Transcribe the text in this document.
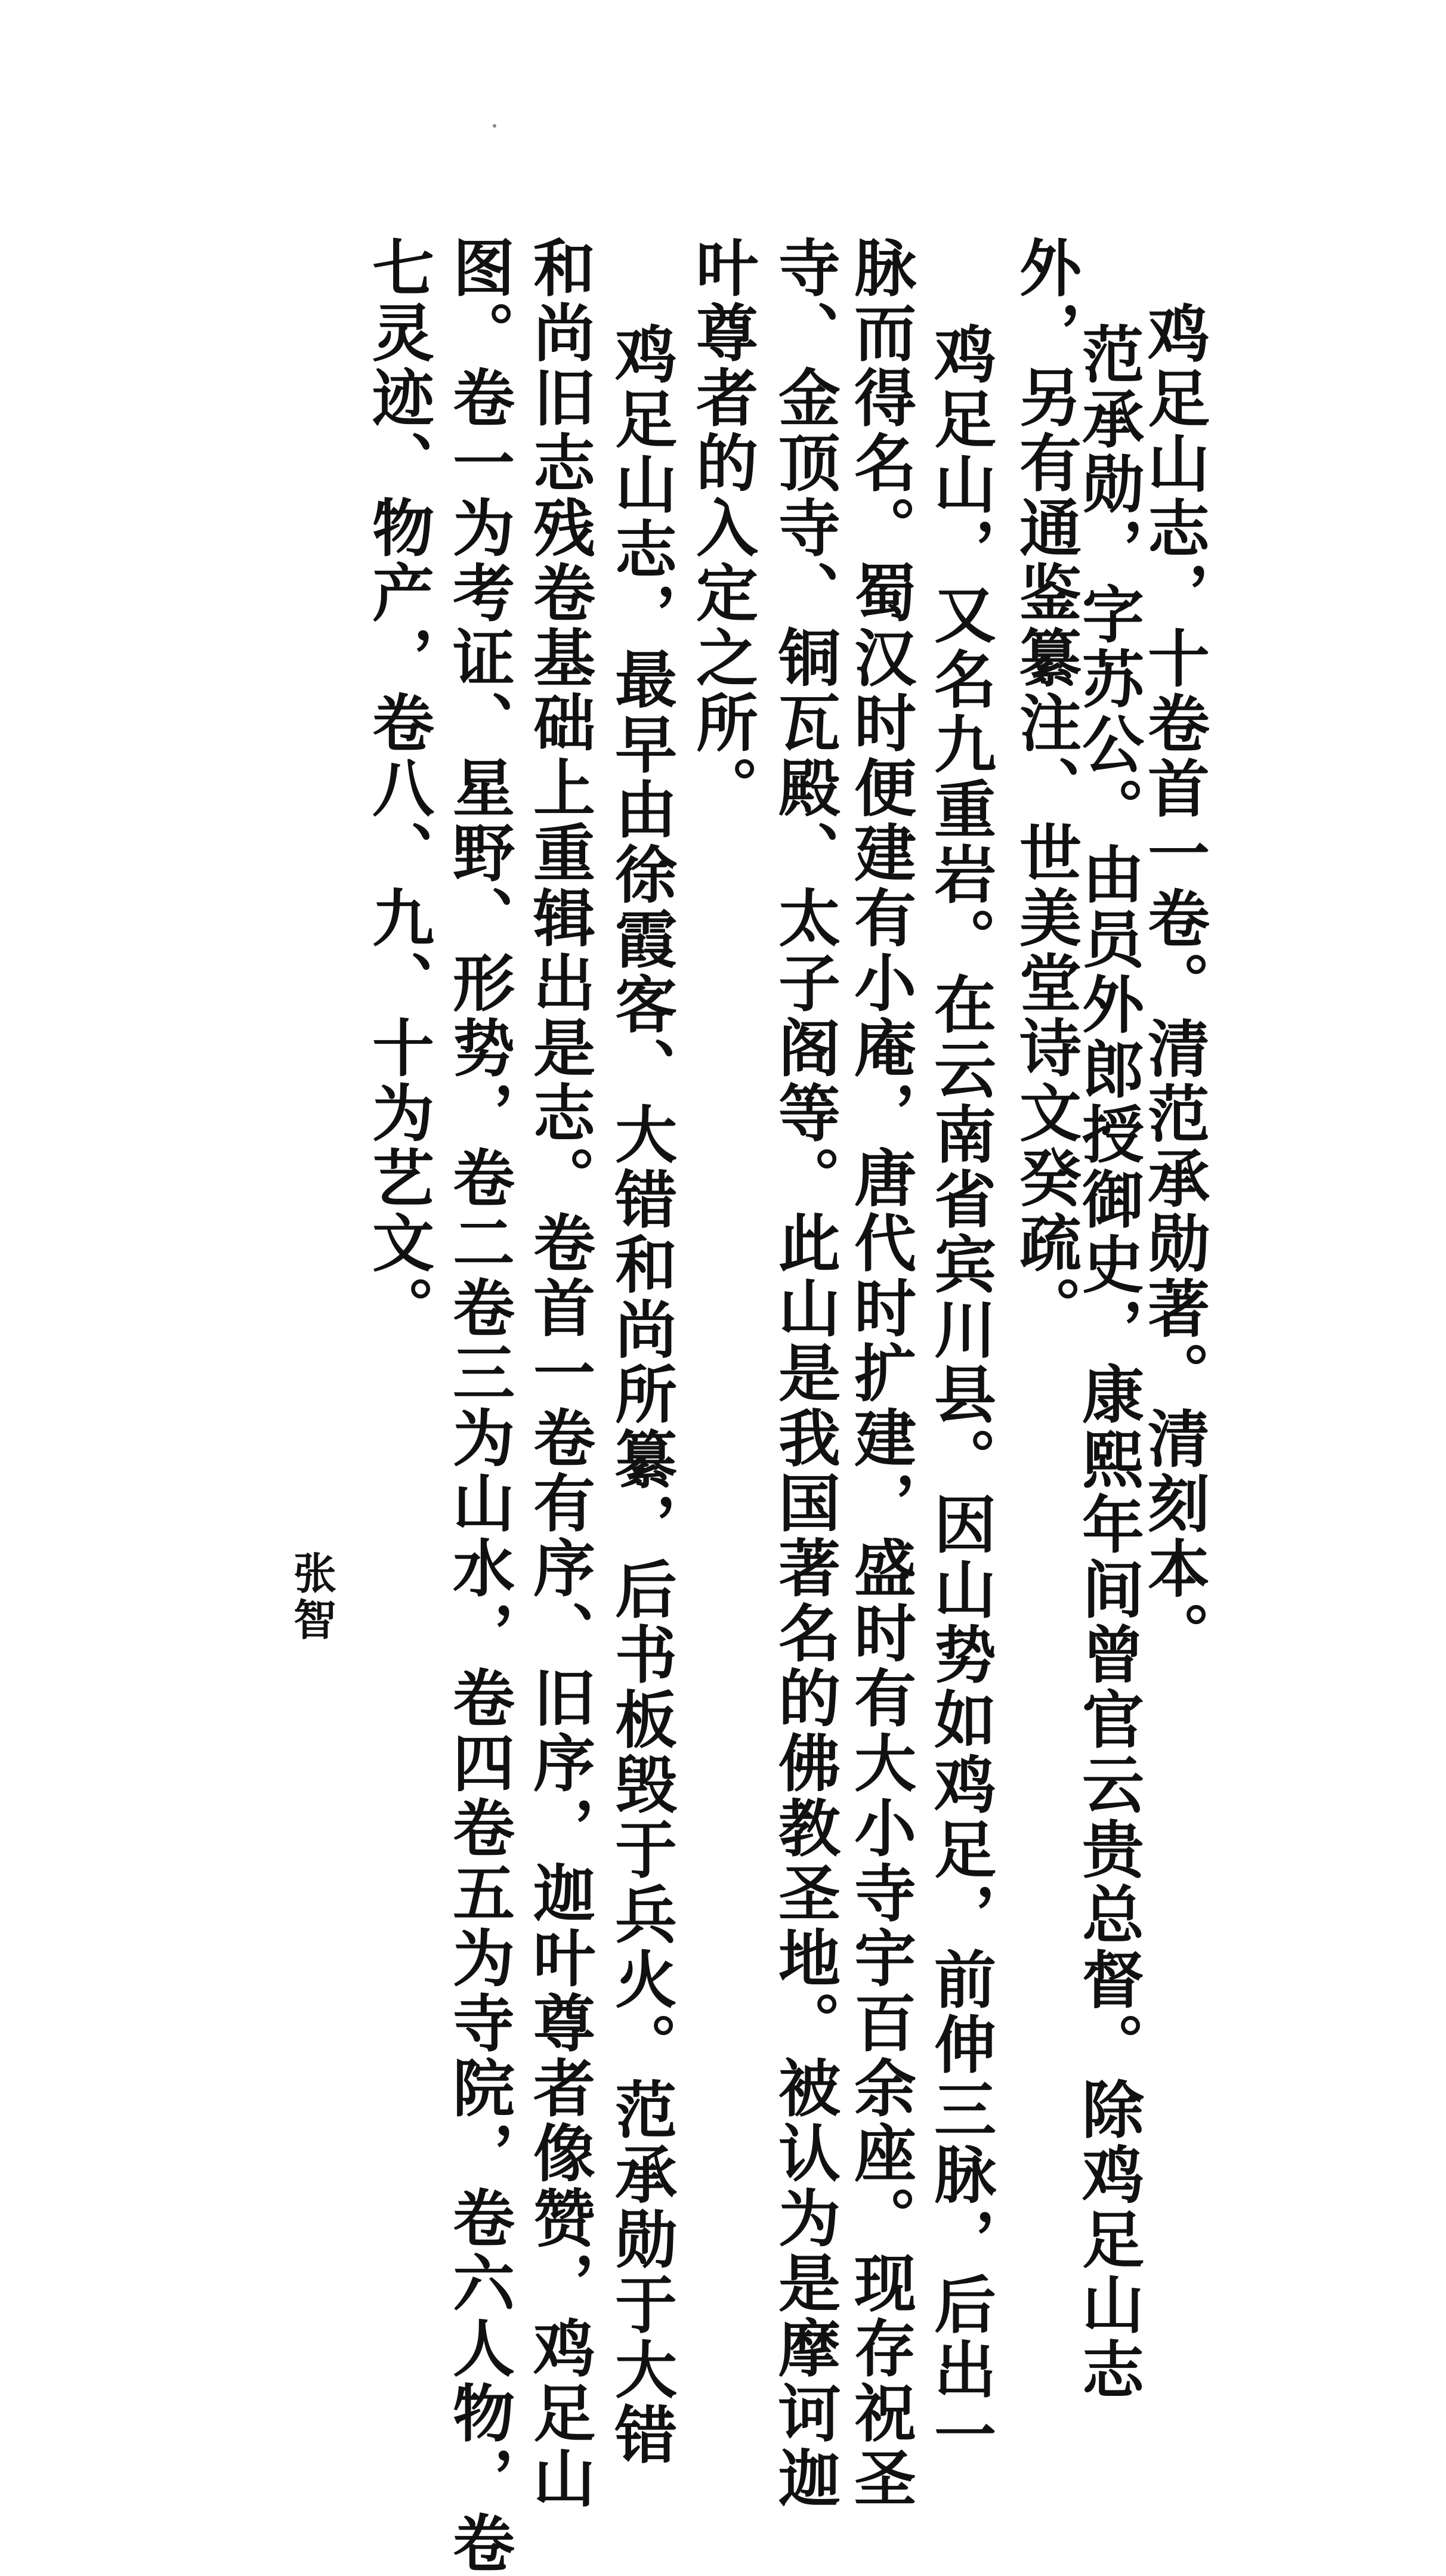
鸡足山志，十卷首一卷。清范承勋著。清刻本。
范承勋，字苏公。由员外郎授御史，康熙年间曾官云贵总督。除鸡足山志
外，另有通鉴纂注、世美堂诗文癸疏。
鸡足山，又名九重岩。在云南省宾川县。因山势如鸡足，前伸三脉，后出一
脉而得名。蜀汉时便建有小庵，唐代时扩建，盛时有大小寺宇百余座。现存祝圣
寺、金顶寺、铜瓦殿、太子阁等。此山是我国著名的佛教圣地。被认为是摩诃迦
叶尊者的入定之所。
鸡足山志，最早由徐霞客、大错和尚所纂，后书板毁于兵火。范承勋于大错
和尚旧志残卷基础上重辑出是志。卷首一卷有序、旧序，迦叶尊者像赞，鸡足山
图。卷一为考证、星野、形势，卷二卷三为山水，卷四卷五为寺院，卷六人物，卷
七灵迹、物产，卷八、九、十为艺文。
张智
